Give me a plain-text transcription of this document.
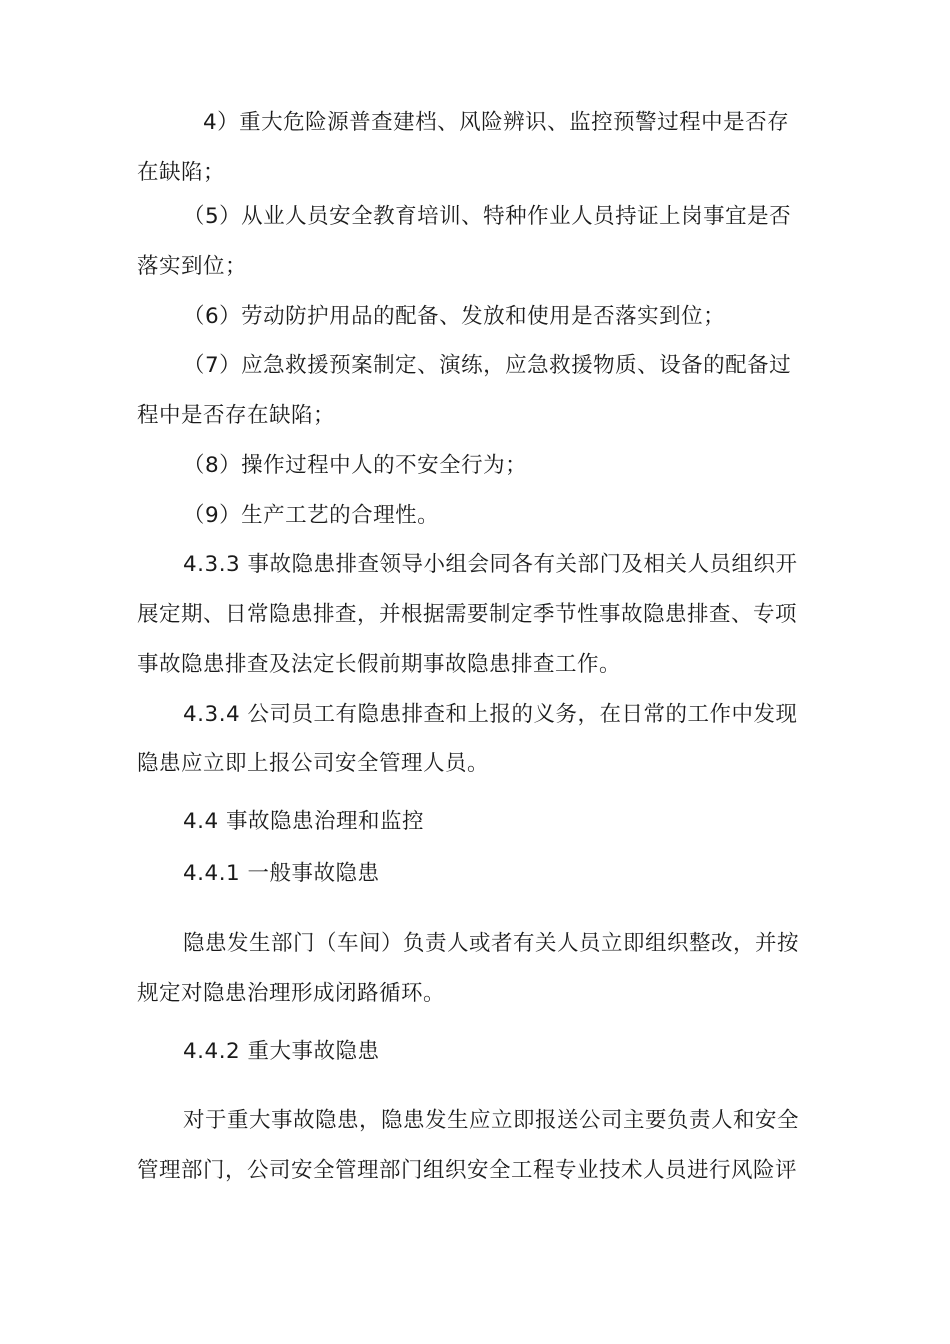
4）重大危险源普查建档、风险辨识、监控预警过程中是否存

在缺陷；

（5）从业人员安全教育培训、特种作业人员持证上岗事宜是否

落实到位；

（6）劳动防护用品的配备、发放和使用是否落实到位；

（7）应急救援预案制定、演练，应急救援物质、设备的配备过

程中是否存在缺陷；

（8）操作过程中人的不安全行为；

（9）生产工艺的合理性。

4.3.3 事故隐患排查领导小组会同各有关部门及相关人员组织开

展定期、日常隐患排查，并根据需要制定季节性事故隐患排查、专项

事故隐患排查及法定长假前期事故隐患排查工作。

4.3.4 公司员工有隐患排查和上报的义务，在日常的工作中发现

隐患应立即上报公司安全管理人员。

4.4 事故隐患治理和监控

4.4.1 一般事故隐患

隐患发生部门（车间）负责人或者有关人员立即组织整改，并按

规定对隐患治理形成闭路循环。

4.4.2 重大事故隐患

对于重大事故隐患，隐患发生应立即报送公司主要负责人和安全

管理部门，公司安全管理部门组织安全工程专业技术人员进行风险评
